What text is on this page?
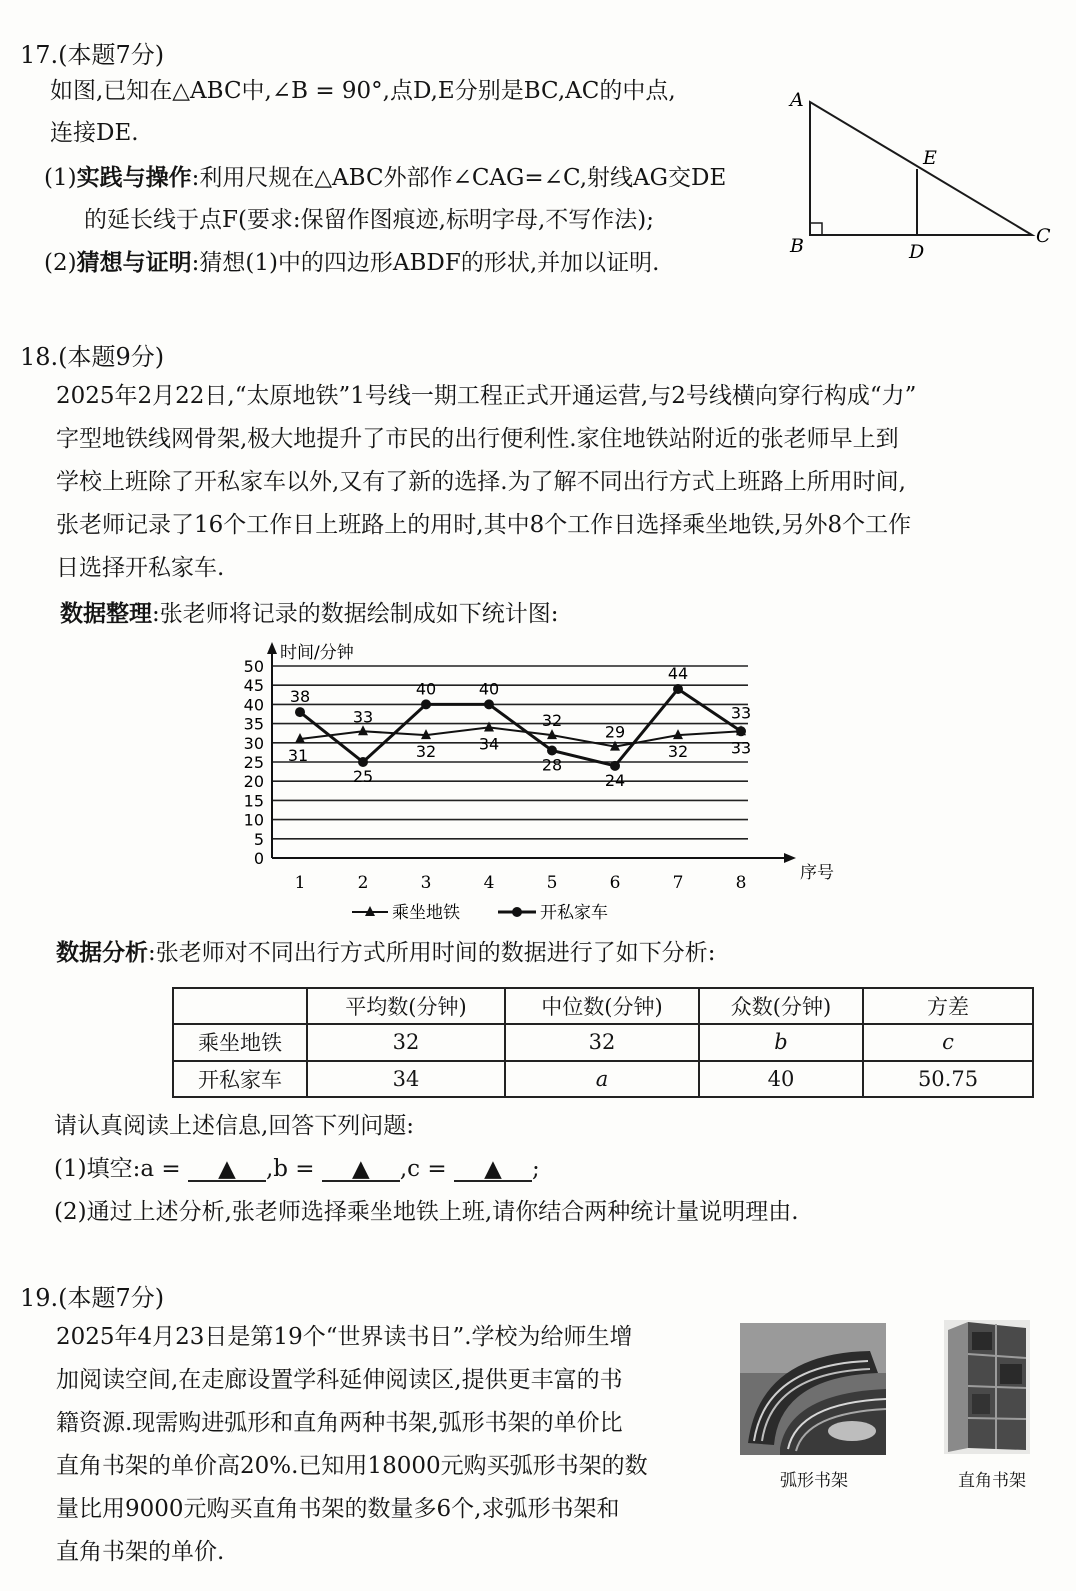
17.(本题7分)
如图,已知在△ABC中,∠B = 90°,点D,E分别是BC,AC的中点,
连接DE.
(1)实践与操作:利用尺规在△ABC外部作∠CAG=∠C,射线AG交DE
的延长线于点F(要求:保留作图痕迹,标明字母,不写作法);
(2)猜想与证明:猜想(1)中的四边形ABDF的形状,并加以证明.
A
B	C
D
E
18.(本题9分)
2025年2月22日,“太原地铁”1号线一期工程正式开通运营,与2号线横向穿行构成“力”
字型地铁线网骨架,极大地提升了市民的出行便利性.家住地铁站附近的张老师早上到
学校上班除了开私家车以外,又有了新的选择.为了解不同出行方式上班路上所用时间,
张老师记录了16个工作日上班路上的用时,其中8个工作日选择乘坐地铁,另外8个工作
日选择开私家车.
数据整理:张老师将记录的数据绘制成如下统计图:
0
5
10
15
20
25
30
35
40
45
50
时间/分钟
序号
1	2	3	4	5	6	7	8
31
33
32	34
32
29
32	33
38
25
40	40
28
24
44
33
乘坐地铁	开私家车
数据分析:张老师对不同出行方式所用时间的数据进行了如下分析:
	平均数(分钟)	中位数(分钟)	众数(分钟)	方差
乘坐地铁	32	32	b	c
开私家车	34	a	40	50.75
请认真阅读上述信息,回答下列问题:
(1)填空:a = ▲ ,b = ▲ ,c = ▲ ;
(2)通过上述分析,张老师选择乘坐地铁上班,请你结合两种统计量说明理由.
19.(本题7分)
2025年4月23日是第19个“世界读书日”.学校为给师生增
加阅读空间,在走廊设置学科延伸阅读区,提供更丰富的书
籍资源.现需购进弧形和直角两种书架,弧形书架的单价比
直角书架的单价高20%.已知用18000元购买弧形书架的数
量比用9000元购买直角书架的数量多6个,求弧形书架和
直角书架的单价.
弧形书架	直角书架
